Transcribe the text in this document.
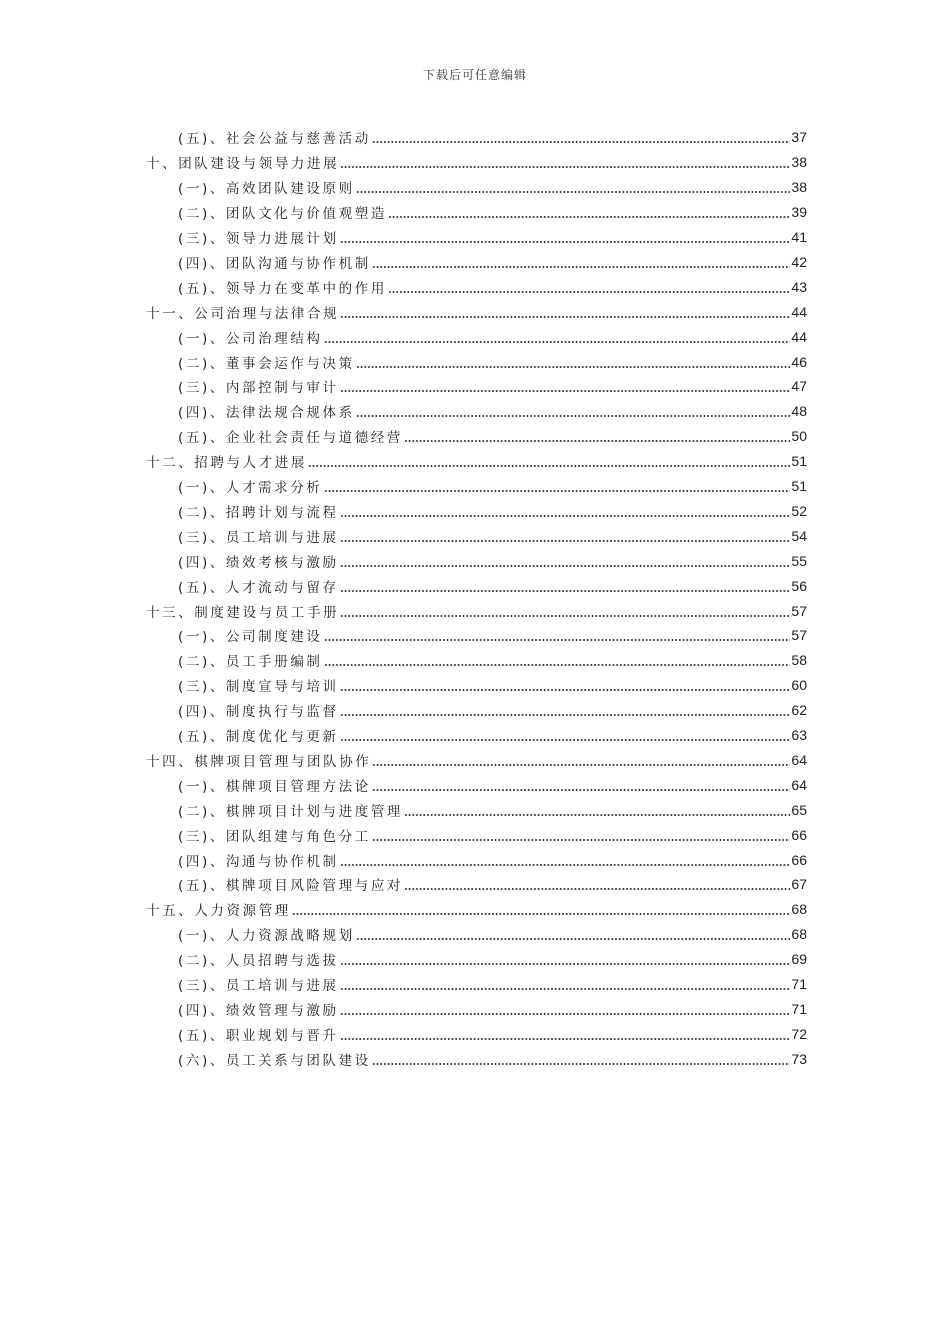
下载后可任意编辑
(五)、社会公益与慈善活动	37
十、团队建设与领导力进展	38
(一)、高效团队建设原则	38
(二)、团队文化与价值观塑造	39
(三)、领导力进展计划	41
(四)、团队沟通与协作机制	42
(五)、领导力在变革中的作用	43
十一、公司治理与法律合规	44
(一)、公司治理结构	44
(二)、董事会运作与决策	46
(三)、内部控制与审计	47
(四)、法律法规合规体系	48
(五)、企业社会责任与道德经营	50
十二、招聘与人才进展	51
(一)、人才需求分析	51
(二)、招聘计划与流程	52
(三)、员工培训与进展	54
(四)、绩效考核与激励	55
(五)、人才流动与留存	56
十三、制度建设与员工手册	57
(一)、公司制度建设	57
(二)、员工手册编制	58
(三)、制度宣导与培训	60
(四)、制度执行与监督	62
(五)、制度优化与更新	63
十四、棋牌项目管理与团队协作	64
(一)、棋牌项目管理方法论	64
(二)、棋牌项目计划与进度管理	65
(三)、团队组建与角色分工	66
(四)、沟通与协作机制	66
(五)、棋牌项目风险管理与应对	67
十五、人力资源管理	68
(一)、人力资源战略规划	68
(二)、人员招聘与选拔	69
(三)、员工培训与进展	71
(四)、绩效管理与激励	71
(五)、职业规划与晋升	72
(六)、员工关系与团队建设	73
